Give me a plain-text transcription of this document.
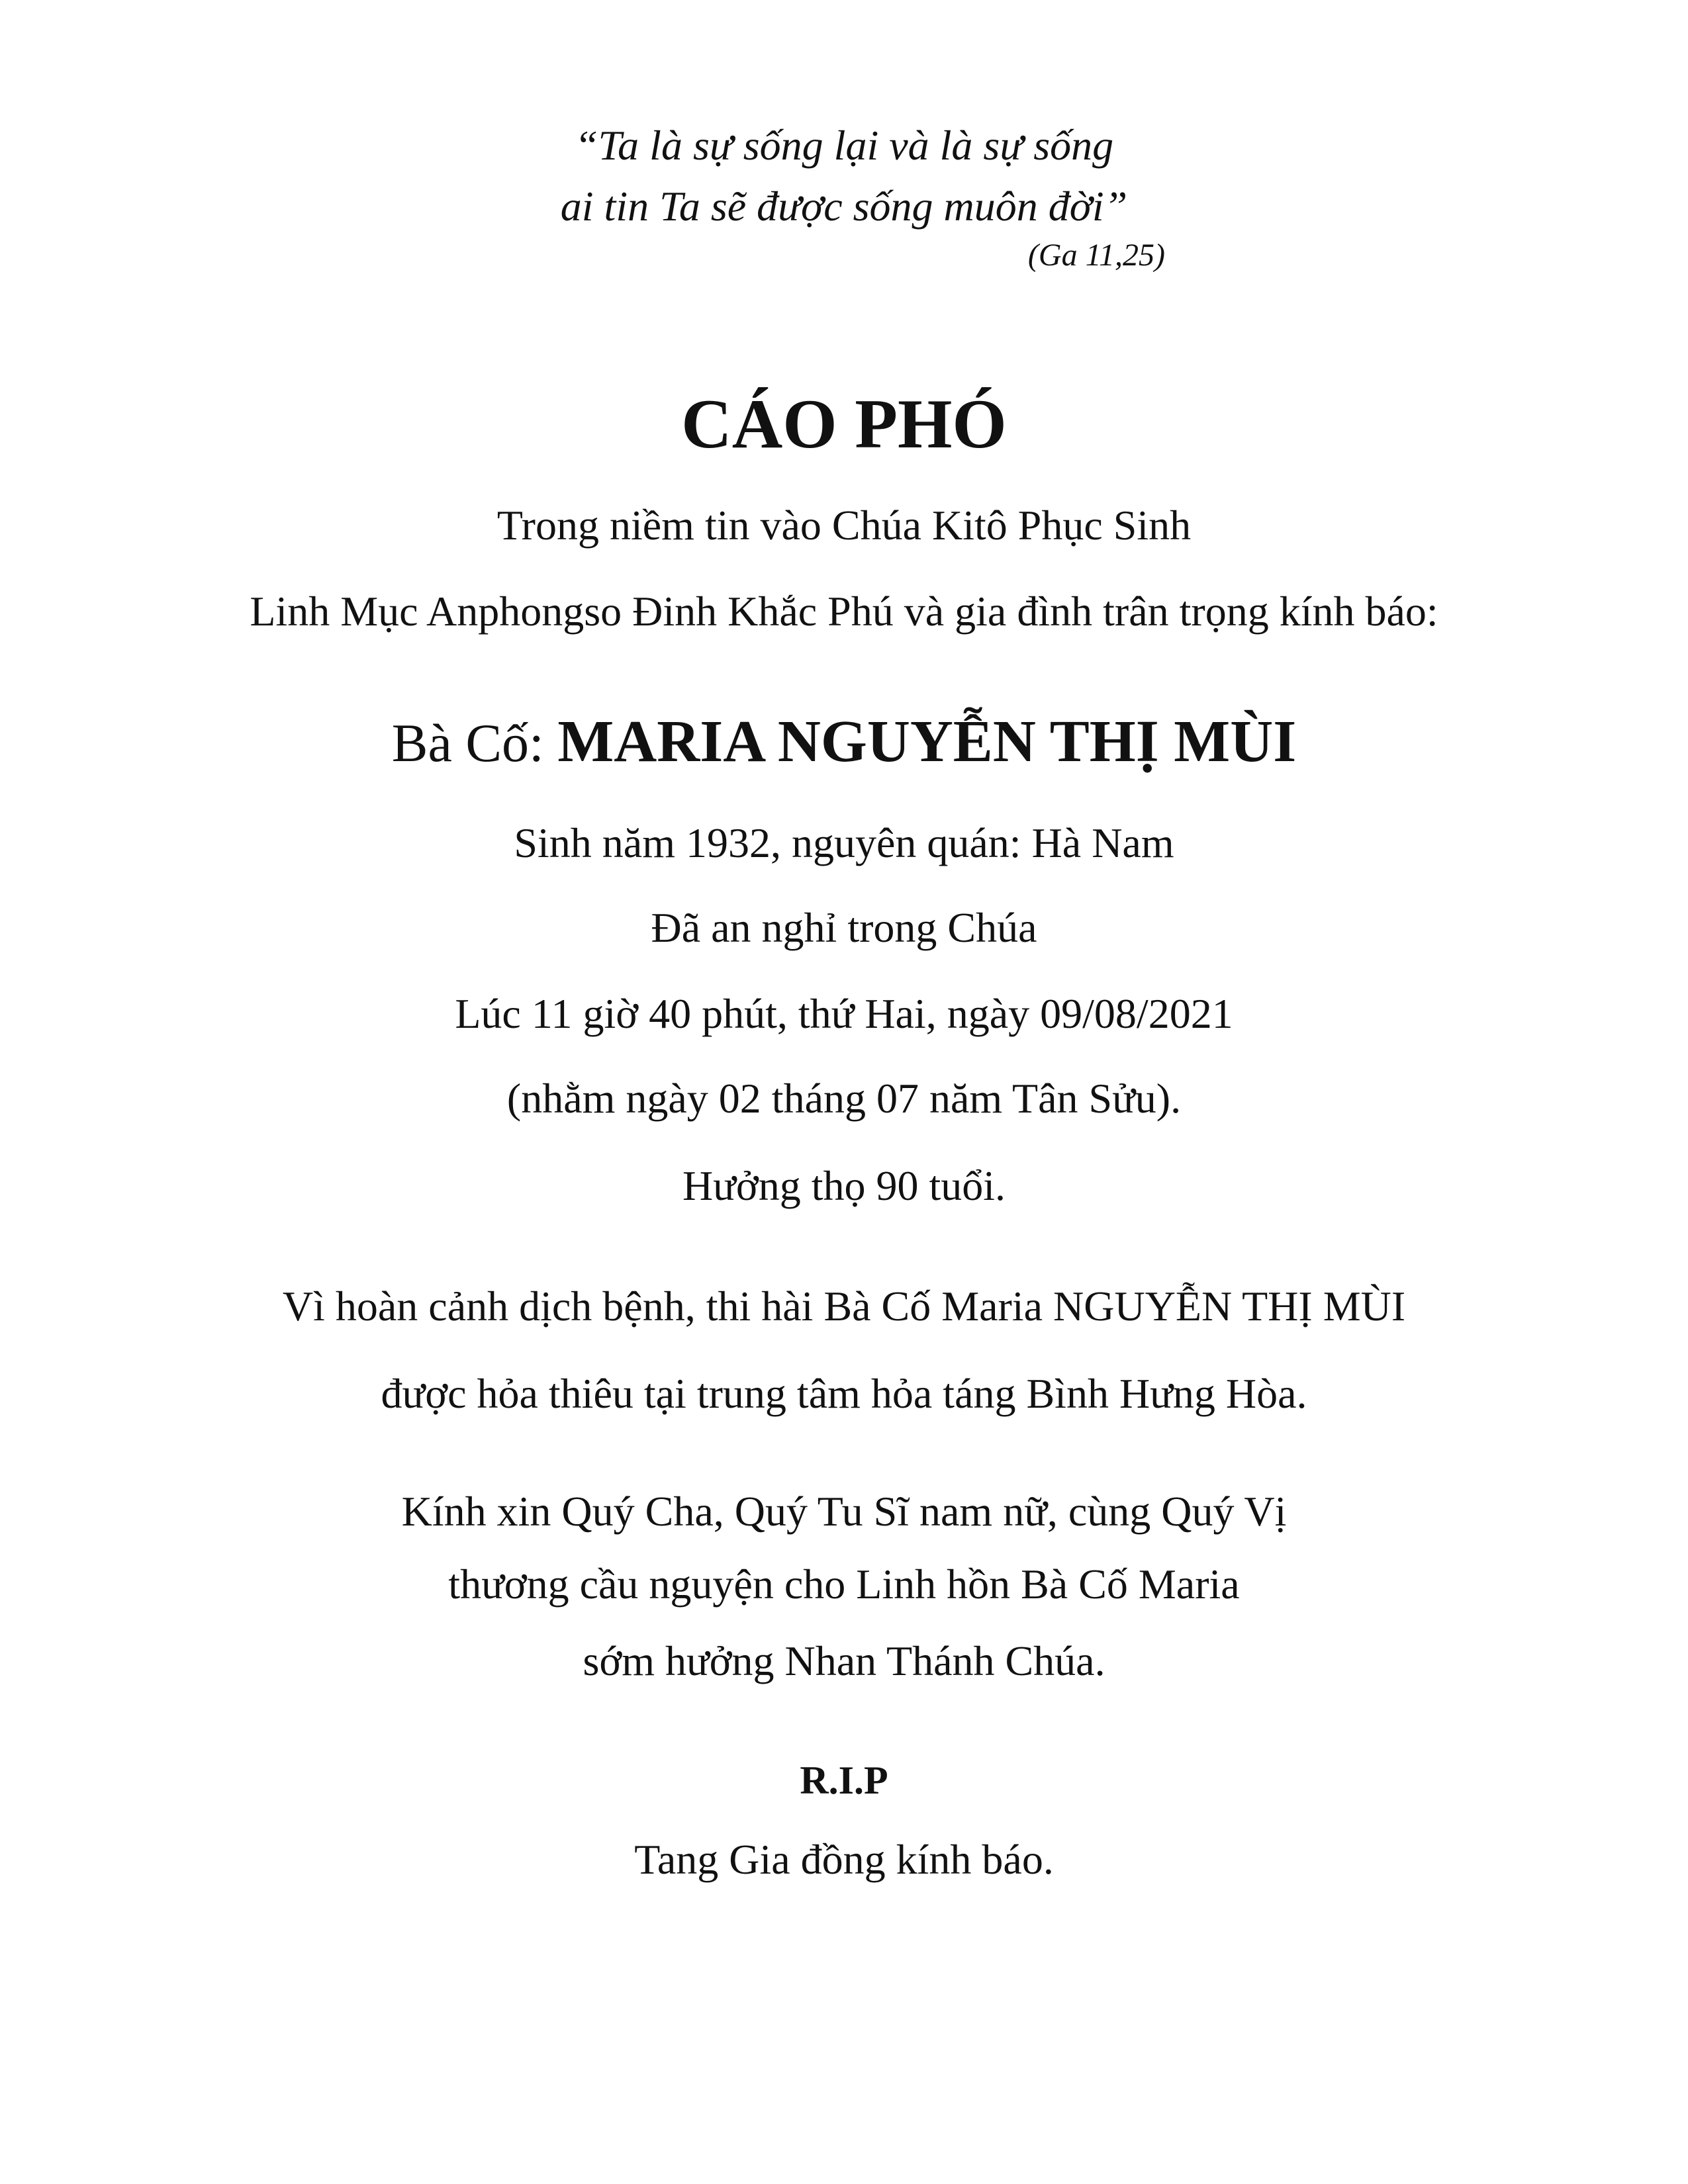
“Ta là sự sống lại và là sự sống
ai tin Ta sẽ được sống muôn đời”
(Ga 11,25)
CÁO PHÓ
Trong niềm tin vào Chúa Kitô Phục Sinh
Linh Mục Anphongso Đinh Khắc Phú và gia đình trân trọng kính báo:
Bà Cố: MARIA NGUYỄN THỊ MÙI
Sinh năm 1932, nguyên quán: Hà Nam
Đã an nghỉ trong Chúa
Lúc 11 giờ 40 phút, thứ Hai, ngày 09/08/2021
(nhằm ngày 02 tháng 07 năm Tân Sửu).
Hưởng thọ 90 tuổi.
Vì hoàn cảnh dịch bệnh, thi hài Bà Cố Maria NGUYỄN THỊ MÙI
được hỏa thiêu tại trung tâm hỏa táng Bình Hưng Hòa.
Kính xin Quý Cha, Quý Tu Sĩ nam nữ, cùng Quý Vị
thương cầu nguyện cho Linh hồn Bà Cố Maria
sớm hưởng Nhan Thánh Chúa.
R.I.P
Tang Gia đồng kính báo.
